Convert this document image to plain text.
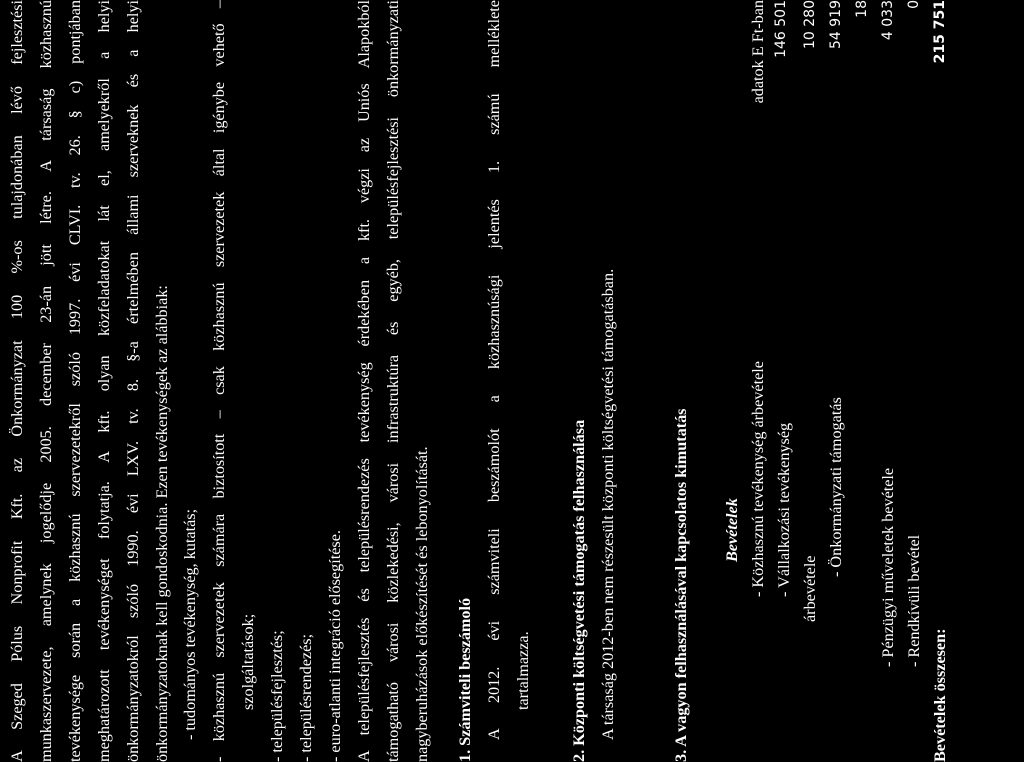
A Szeged Pólus Nonprofit Kft. az Önkormányzat 100 %-os tulajdonában lévő fejlesztési munkaszervezete, amelynek jogelődje 2005. december 23-án jött létre. A társaság közhasznú tevékenysége során a közhasznú szervezetekről szóló 1997. évi CLVI. tv. 26. § c) pontjában meghatározott tevékenységet folytatja. A kft. olyan közfeladatokat lát el, amelyekről a helyi önkormányzatokról szóló 1990. évi LXV. tv. 8. §-a értelmében állami szerveknek és a helyi önkormányzatoknak kell gondoskodnia. Ezen tevékenységek az alábbiak: - tudományos tevékenység, kutatás; - közhasznú szervezetek számára biztosított – csak közhasznú szervezetek által igénybe vehető – szolgáltatások; - településfejlesztés; - településrendezés; - euro-atlanti integráció elősegítése. A településfejlesztés és településrendezés tevékenység érdekében a kft. végzi az Uniós Alapokból támogatható városi közlekedési, városi infrastruktúra és egyéb, településfejlesztési önkormányzati nagyberuházások előkészítését és lebonyolítását. 1. Számviteli beszámoló A 2012. évi számviteli beszámolót a közhasznúsági jelentés 1. számú melléklete tartalmazza. 2. Központi költségvetési támogatás felhasználása A társaság 2012-ben nem részesült központi költségvetési támogatásban.	3. A vagyon felhasználásával kapcsolatos kimutatás Bevételek
adatok E Ft-ban
- Közhasznú tevékenység árbevétele
146 501
- Vállalkozási tevékenység árbevétele
10 280
- Önkormányzati támogatás
54 919 18
- Pénzügyi műveletek bevétele
4 033
- Rendkívüli bevétel
0
Bevételek összesen:
215 751
